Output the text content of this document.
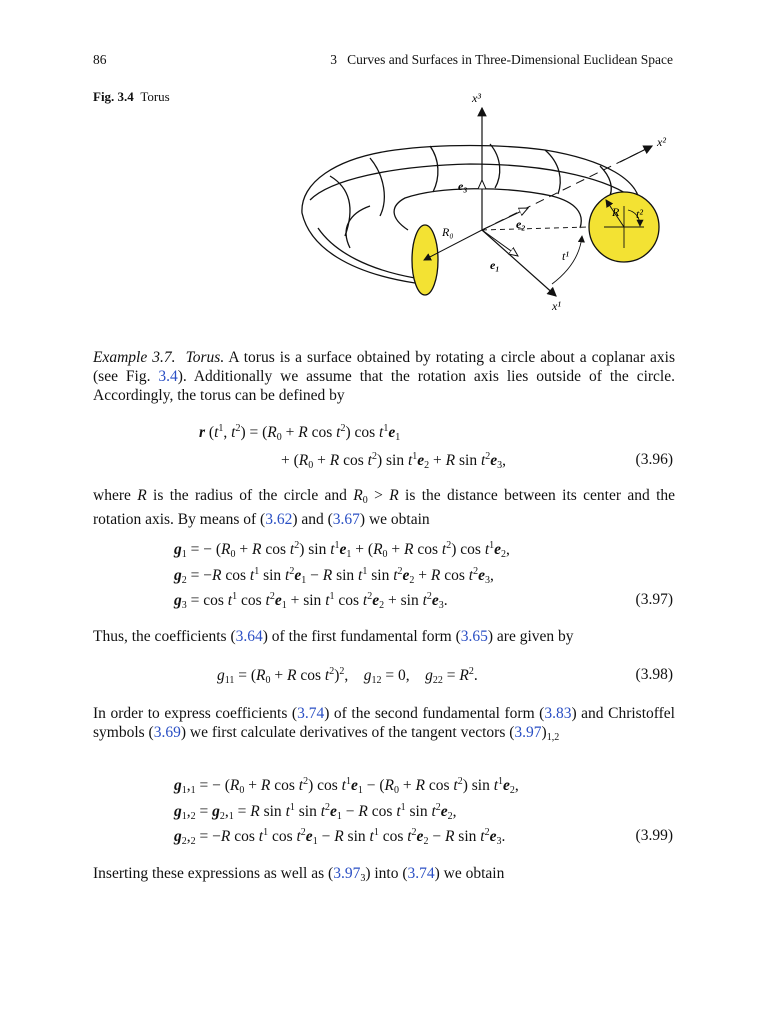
86	3   Curves and Surfaces in Three-Dimensional Euclidean Space
Fig. 3.4 Torus	x³
x²
x¹
e₃
e₂
e₁
R₀
R
t¹
t²
Example 3.7. Torus. A torus is a surface obtained by rotating a circle about a coplanar axis (see Fig. 3.4). Additionally we assume that the rotation axis lies outside of the circle. Accordingly, the torus can be defined by
r ($t^1$, $t^2) = (R_0 + R$ $\cos t^2$) $\cos t^1e_1$
+ ($R_0 + R$ $\cos t^2$) $\sin t^1e_2 + R$ $\sin t^2e_3$,	(3.96)
where R is the radius of the circle and $R_0 > R$ is the distance between its center and the rotation axis. By means of (3.62) and (3.67) we obtain
$g_1$ = − ($R_0 + R$ $\cos t^2$) $\sin t^1e_1 + (R_0 + R$ $\cos t^2$) $\cos t^1e_2$,
$g_2 = -R$ $\cos t^1$ $\sin t^2e_1 - R$ $\sin t^1$ $\sin t^2e_2 + R$ $\cos t^2e_3$,
$g_3 = \cos t^1$ $\cos t^2e_1 + \sin t^1$ $\cos t^2e_2 + \sin t^2e_3$.	(3.97)
Thus, the coefficients (3.64) of the first fundamental form (3.65) are given by
$g_{11} = (R_0 + R$ $\cos t^2)^2$,    $g_{12} = 0$,    $g_{22} = R^2$.	(3.98)
In order to express coefficients (3.74) of the second fundamental form (3.83) and Christoffel symbols (3.69) we first calculate derivatives of the tangent vectors $(3.97)_{1,2}$
$g_1,_1$ = − ($R_0 + R$ $\cos t^2$) $\cos t^1e_1 - (R_0 + R$ $\cos t^2$) $\sin t^1e_2$,
$g_1,_2 = g_2,_1 = R$ $\sin t^1$ $\sin t^2e_1 - R$ $\cos t^1$ $\sin t^2e_2$,
$g_2,_2 = -R$ $\cos t^1$ $\cos t^2e_1 - R$ $\sin t^1$ $\cos t^2e_2 - R$ $\sin t^2e_3$.	(3.99)
Inserting these expressions as well as $(3.97_3)$ into (3.74) we obtain
